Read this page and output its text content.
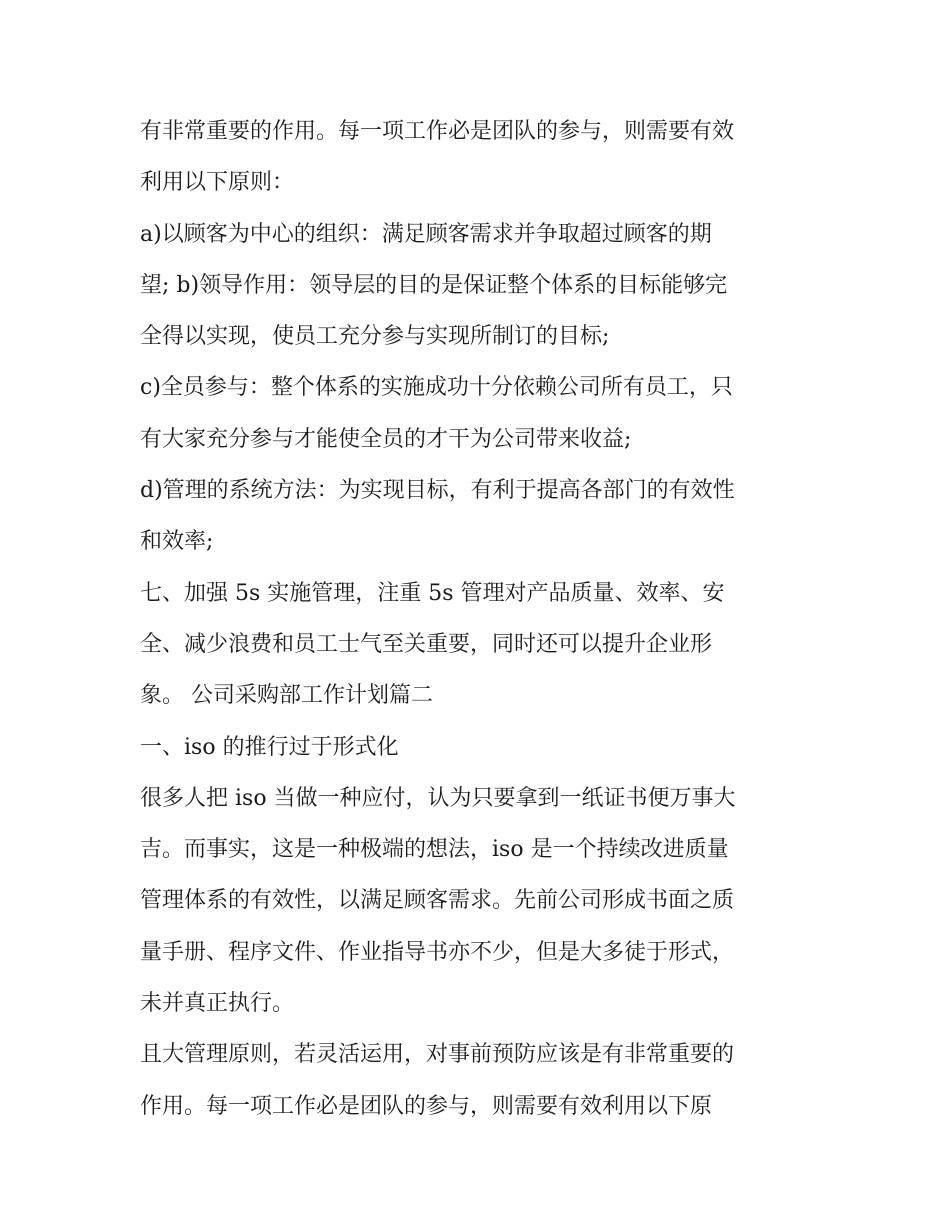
有非常重要的作用。每一项工作必是团队的参与，则需要有效
利用以下原则：
a)以顾客为中心的组织：满足顾客需求并争取超过顾客的期
望; b)领导作用：领导层的目的是保证整个体系的目标能够完
全得以实现，使员工充分参与实现所制订的目标;
c)全员参与：整个体系的实施成功十分依赖公司所有员工，只
有大家充分参与才能使全员的才干为公司带来收益;
d)管理的系统方法：为实现目标，有利于提高各部门的有效性
和效率;
七、加强 5s 实施管理，注重 5s 管理对产品质量、效率、安
全、减少浪费和员工士气至关重要，同时还可以提升企业形
象。 公司采购部工作计划篇二
一、iso 的推行过于形式化
很多人把 iso 当做一种应付，认为只要拿到一纸证书便万事大
吉。而事实，这是一种极端的想法，iso 是一个持续改进质量
管理体系的有效性，以满足顾客需求。先前公司形成书面之质
量手册、程序文件、作业指导书亦不少，但是大多徒于形式，
未并真正执行。
且大管理原则，若灵活运用，对事前预防应该是有非常重要的
作用。每一项工作必是团队的参与，则需要有效利用以下原
